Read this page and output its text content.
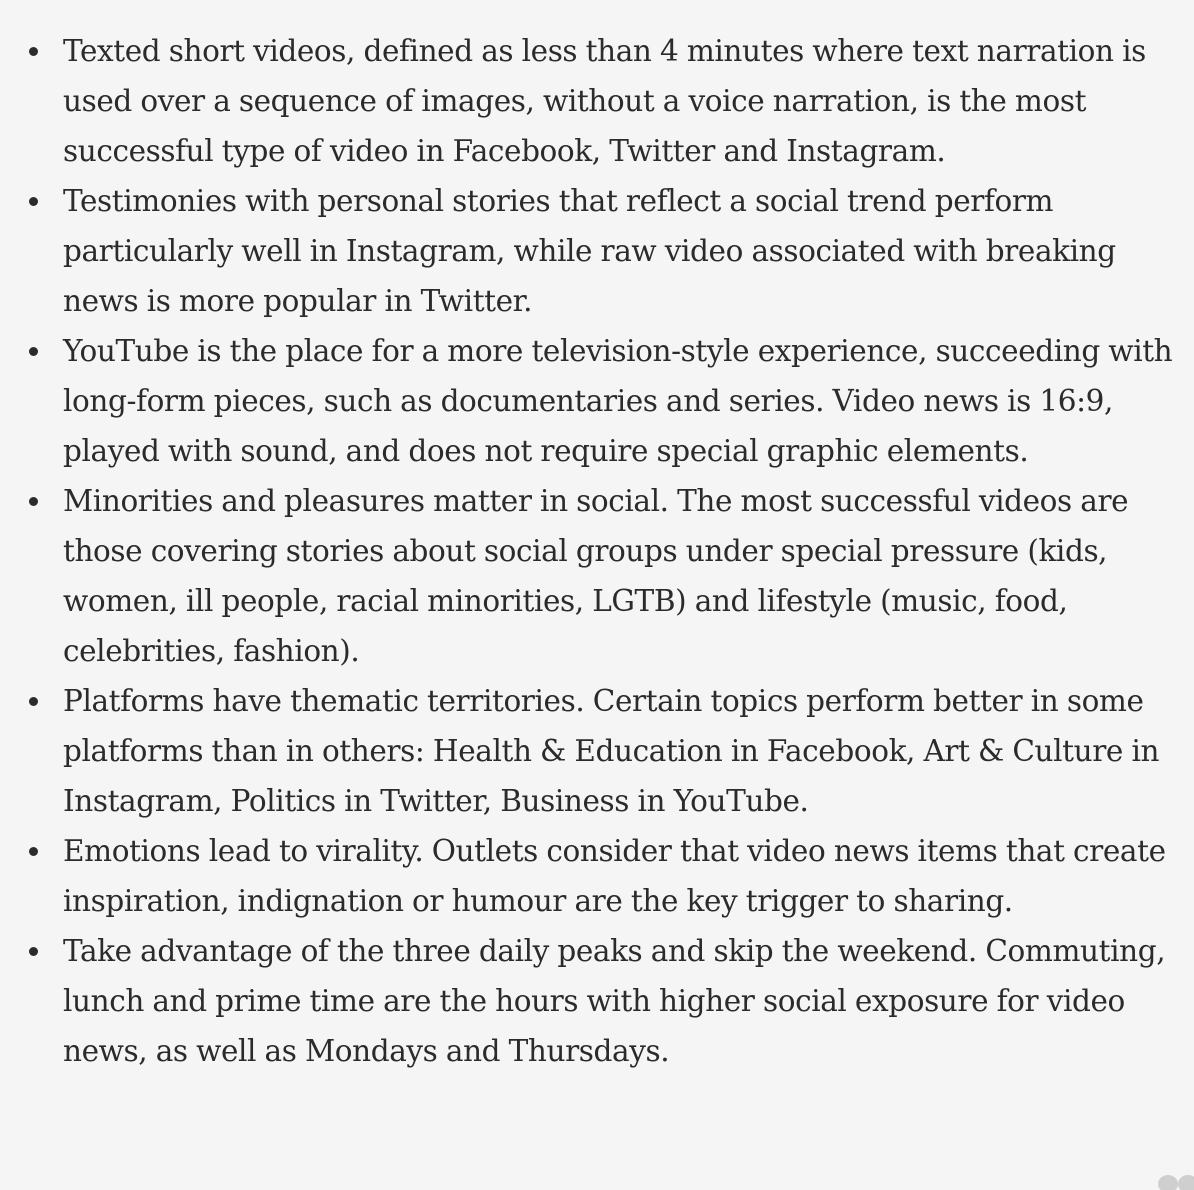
Texted short videos, defined as less than 4 minutes where text narration is used over a sequence of images, without a voice narration, is the most successful type of video in Facebook, Twitter and Instagram.
Testimonies with personal stories that reflect a social trend perform particularly well in Instagram, while raw video associated with breaking news is more popular in Twitter.
YouTube is the place for a more television-style experience, succeeding with long-form pieces, such as documentaries and series. Video news is 16:9, played with sound, and does not require special graphic elements.
Minorities and pleasures matter in social. The most successful videos are those covering stories about social groups under special pressure (kids, women, ill people, racial minorities, LGTB) and lifestyle (music, food, celebrities, fashion).
Platforms have thematic territories. Certain topics perform better in some platforms than in others: Health & Education in Facebook, Art & Culture in Instagram, Politics in Twitter, Business in YouTube.
Emotions lead to virality. Outlets consider that video news items that create inspiration, indignation or humour are the key trigger to sharing.
Take advantage of the three daily peaks and skip the weekend. Commuting, lunch and prime time are the hours with higher social exposure for video news, as well as Mondays and Thursdays.
